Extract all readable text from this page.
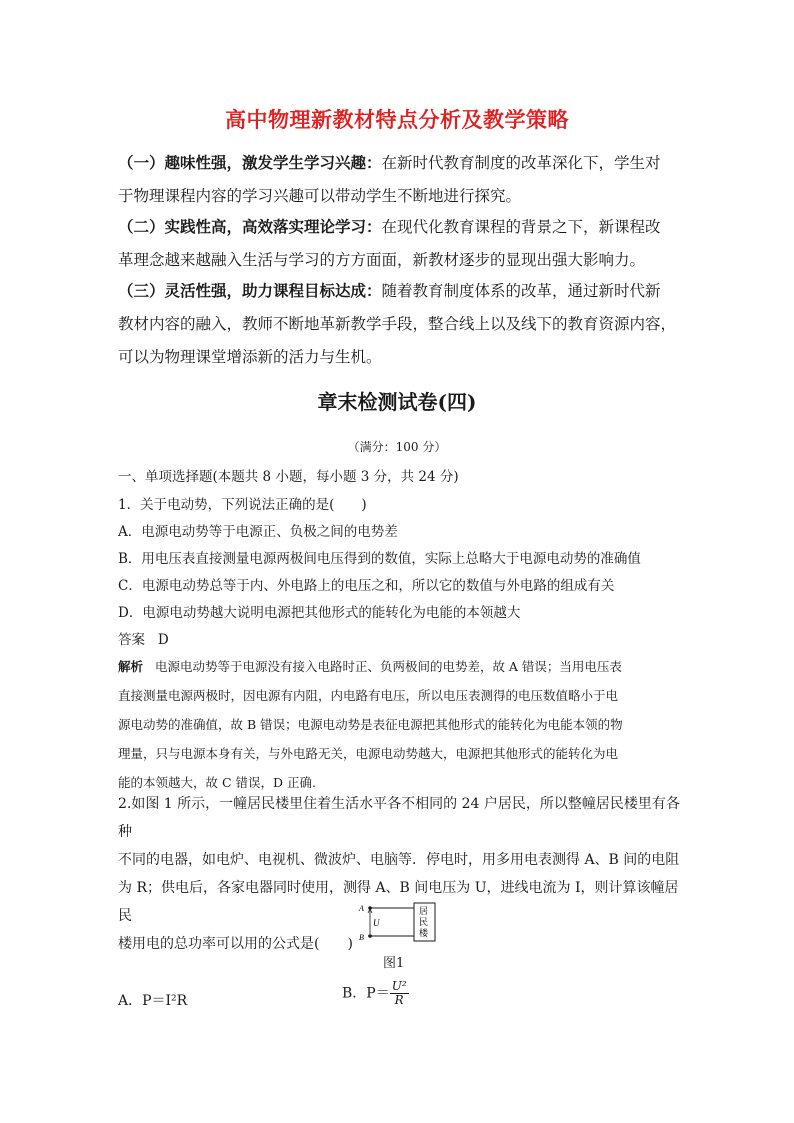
高中物理新教材特点分析及教学策略
（一）趣味性强，激发学生学习兴趣：在新时代教育制度的改革深化下，学生对
于物理课程内容的学习兴趣可以带动学生不断地进行探究。
（二）实践性高，高效落实理论学习：在现代化教育课程的背景之下，新课程改
革理念越来越融入生活与学习的方方面面，新教材逐步的显现出强大影响力。
（三）灵活性强，助力课程目标达成：随着教育制度体系的改革，通过新时代新
教材内容的融入，教师不断地革新教学手段，整合线上以及线下的教育资源内容，
可以为物理课堂增添新的活力与生机。
章末检测试卷(四)
（满分：100 分）
一、单项选择题(本题共 8 小题，每小题 3 分，共 24 分)
1．关于电动势，下列说法正确的是(　　)
A．电源电动势等于电源正、负极之间的电势差
B．用电压表直接测量电源两极间电压得到的数值，实际上总略大于电源电动势的准确值
C．电源电动势总等于内、外电路上的电压之和，所以它的数值与外电路的组成有关
D．电源电动势越大说明电源把其他形式的能转化为电能的本领越大
答案 D
解析 电源电动势等于电源没有接入电路时正、负两极间的电势差，故 A 错误；当用电压表
直接测量电源两极时，因电源有内阻，内电路有电压，所以电压表测得的电压数值略小于电
源电动势的准确值，故 B 错误；电源电动势是表征电源把其他形式的能转化为电能本领的物
理量，只与电源本身有关，与外电路无关，电源电动势越大，电源把其他形式的能转化为电
能的本领越大，故 C 错误，D 正确.
2.如图 1 所示，一幢居民楼里住着生活水平各不相同的 24 户居民，所以整幢居民楼里有各种
不同的电器，如电炉、电视机、微波炉、电脑等．停电时，用多用电表测得 A、B 间的电阻
为 R；供电后，各家电器同时使用，测得 A、B 间电压为 U，进线电流为 I，则计算该幢居民
楼用电的总功率可以用的公式是(　　)
A
B
U
居
民
楼
图1
A．P＝I²R	B．$P= \frac{\text{U²}}{R}$
